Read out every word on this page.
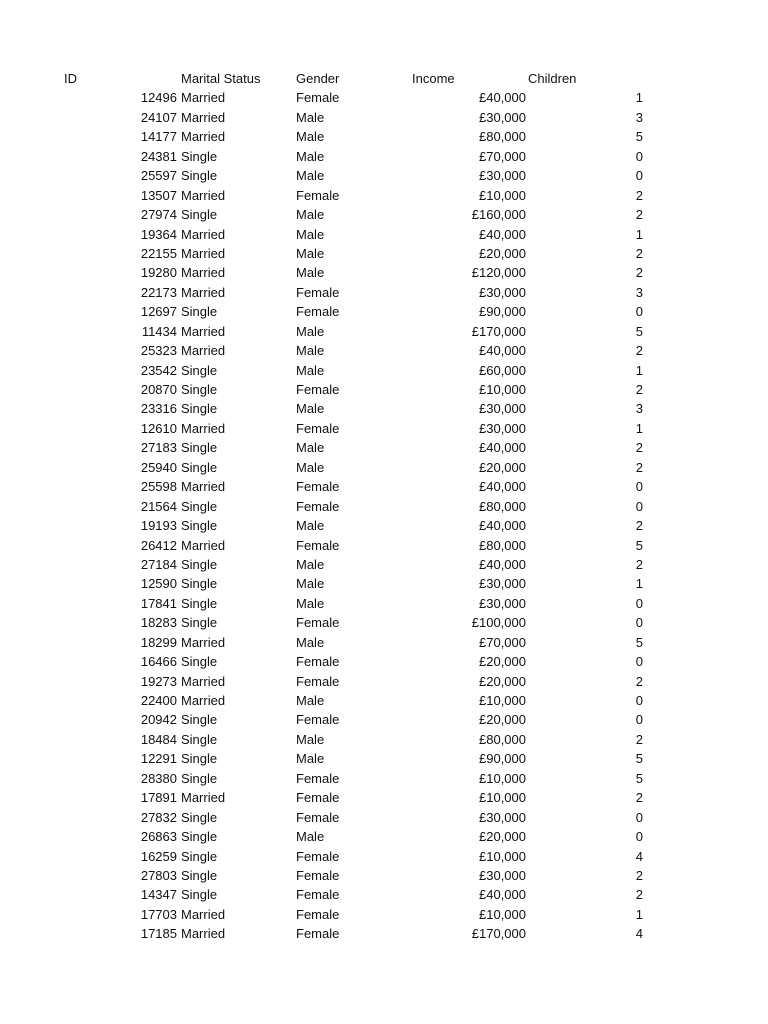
ID	Marital Status	Gender	Income	Children
12496 Married	Female	£40,000	1
24107 Married	Male	£30,000	3
14177 Married	Male	£80,000	5
24381 Single	Male	£70,000	0
25597 Single	Male	£30,000	0
13507 Married	Female	£10,000	2
27974 Single	Male	£160,000	2
19364 Married	Male	£40,000	1
22155 Married	Male	£20,000	2
19280 Married	Male	£120,000	2
22173 Married	Female	£30,000	3
12697 Single	Female	£90,000	0
11434 Married	Male	£170,000	5
25323 Married	Male	£40,000	2
23542 Single	Male	£60,000	1
20870 Single	Female	£10,000	2
23316 Single	Male	£30,000	3
12610 Married	Female	£30,000	1
27183 Single	Male	£40,000	2
25940 Single	Male	£20,000	2
25598 Married	Female	£40,000	0
21564 Single	Female	£80,000	0
19193 Single	Male	£40,000	2
26412 Married	Female	£80,000	5
27184 Single	Male	£40,000	2
12590 Single	Male	£30,000	1
17841 Single	Male	£30,000	0
18283 Single	Female	£100,000	0
18299 Married	Male	£70,000	5
16466 Single	Female	£20,000	0
19273 Married	Female	£20,000	2
22400 Married	Male	£10,000	0
20942 Single	Female	£20,000	0
18484 Single	Male	£80,000	2
12291 Single	Male	£90,000	5
28380 Single	Female	£10,000	5
17891 Married	Female	£10,000	2
27832 Single	Female	£30,000	0
26863 Single	Male	£20,000	0
16259 Single	Female	£10,000	4
27803 Single	Female	£30,000	2
14347 Single	Female	£40,000	2
17703 Married	Female	£10,000	1
17185 Married	Female	£170,000	4
